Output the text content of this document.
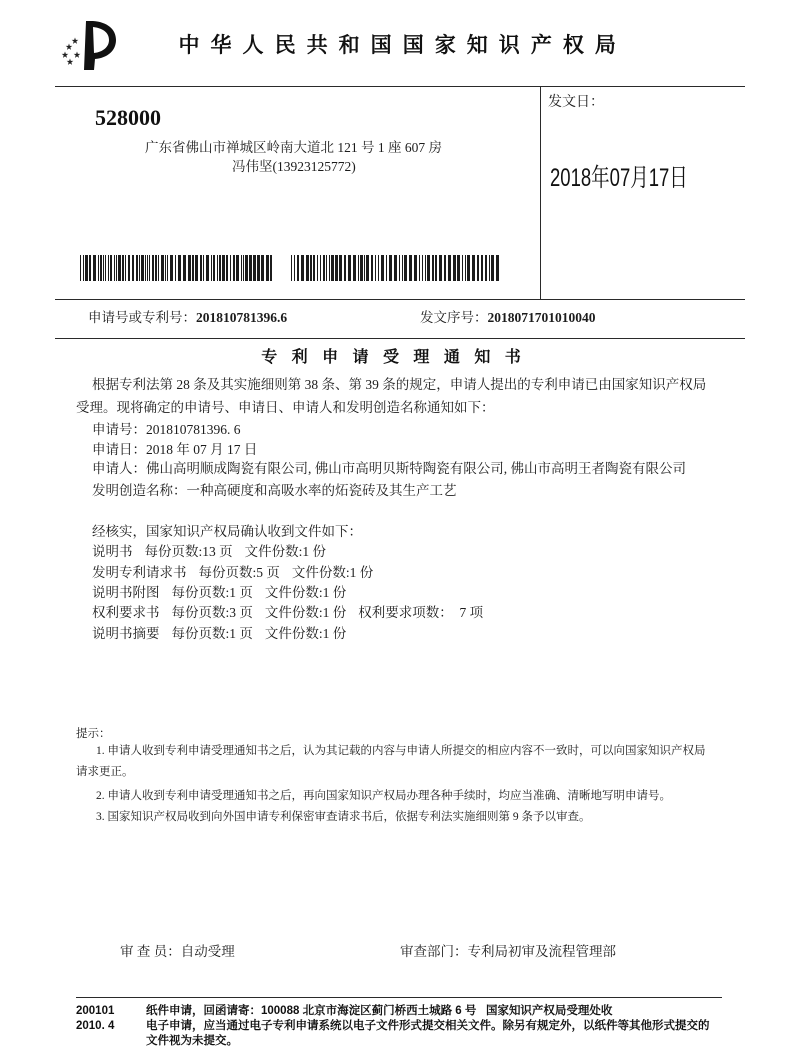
中 华 人 民 共 和 国 国 家 知 识 产 权 局
528000
广东省佛山市禅城区岭南大道北 121 号 1 座 607 房
冯伟坚(13923125772)
发文日：
2018年07月17日
申请号或专利号：201810781396.6	发文序号：2018071701010040
专 利 申 请 受 理 通 知 书
根据专利法第 28 条及其实施细则第 38 条、第 39 条的规定，申请人提出的专利申请已由国家知识产权局
受理。现将确定的申请号、申请日、申请人和发明创造名称通知如下：
申请号：201810781396. 6
申请日：2018 年 07 月 17 日
申请人：佛山高明顺成陶瓷有限公司, 佛山市高明贝斯特陶瓷有限公司, 佛山市高明王者陶瓷有限公司
发明创造名称：一种高硬度和高吸水率的炻瓷砖及其生产工艺
经核实，国家知识产权局确认收到文件如下：
说明书 每份页数:13 页 文件份数:1 份
发明专利请求书 每份页数:5 页 文件份数:1 份
说明书附图 每份页数:1 页 文件份数:1 份
权利要求书 每份页数:3 页 文件份数:1 份 权利要求项数：  7 项
说明书摘要 每份页数:1 页 文件份数:1 份
提示：
1. 申请人收到专利申请受理通知书之后，认为其记载的内容与申请人所提交的相应内容不一致时，可以向国家知识产权局
请求更正。
2. 申请人收到专利申请受理通知书之后，再向国家知识产权局办理各种手续时，均应当准确、清晰地写明申请号。
3. 国家知识产权局收到向外国申请专利保密审查请求书后，依据专利法实施细则第 9 条予以审查。
审 查 员：自动受理	审查部门：专利局初审及流程管理部
200101	纸件申请，回函请寄：100088 北京市海淀区蓟门桥西土城路 6 号   国家知识产权局受理处收
2010. 4	电子申请，应当通过电子专利申请系统以电子文件形式提交相关文件。除另有规定外，以纸件等其他形式提交的
文件视为未提交。
